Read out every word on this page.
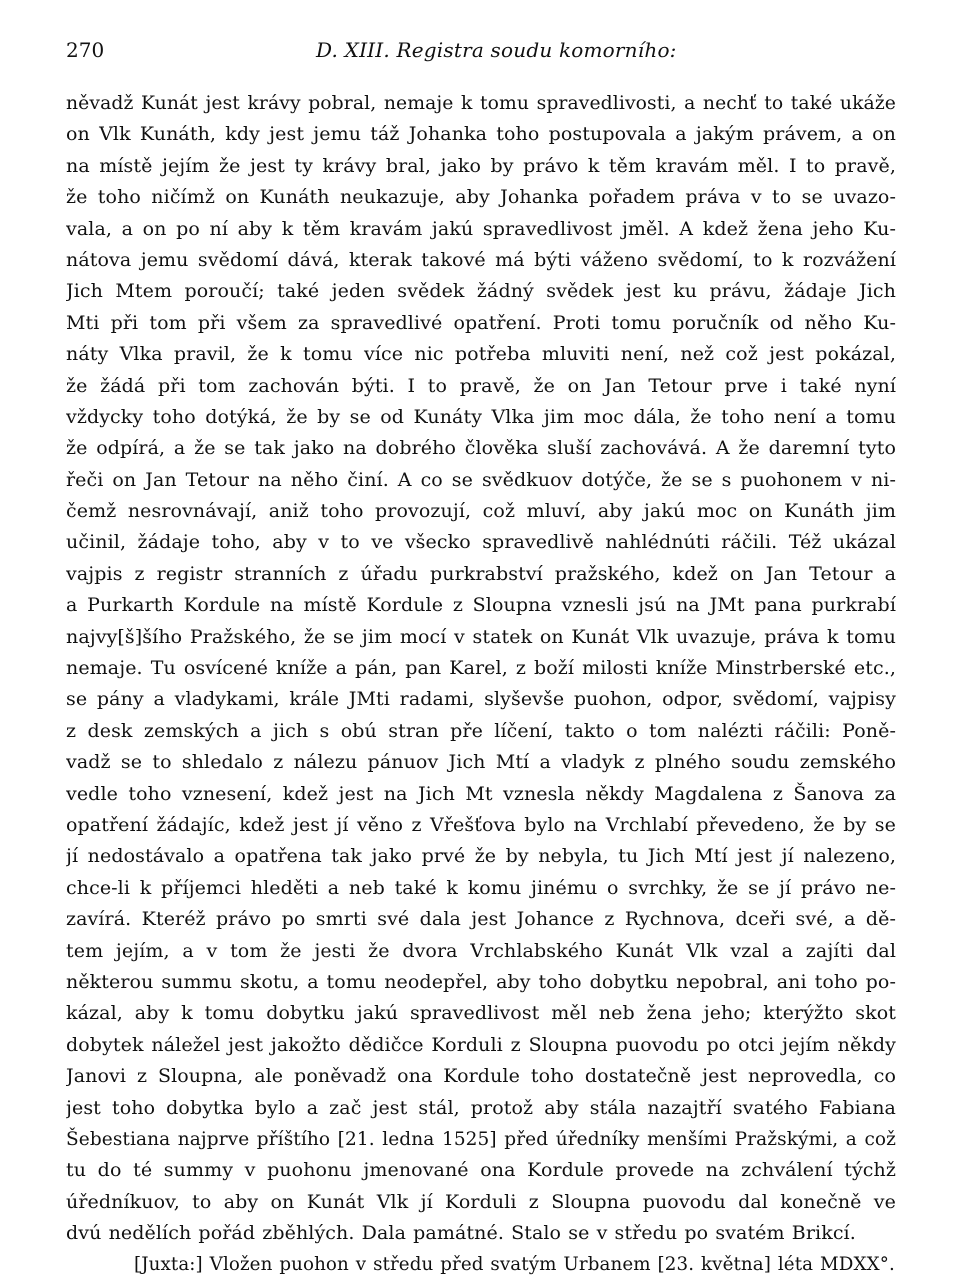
270	D. XIII. Registra soudu komorního:
něvadž Kunát jest krávy pobral, nemaje k tomu spravedlivosti, a nechť to také ukáže
on Vlk Kunáth, kdy jest jemu táž Johanka toho postupovala a jakým právem, a on
na místě jejím že jest ty krávy bral, jako by právo k těm kravám měl. I to pravě,
že toho ničímž on Kunáth neukazuje, aby Johanka pořadem práva v to se uvazo-
vala, a on po ní aby k těm kravám jakú spravedlivost jměl. A kdež žena jeho Ku-
nátova jemu svědomí dává, kterak takové má býti váženo svědomí, to k rozvážení
Jich Mtem poroučí; také jeden svědek žádný svědek jest ku právu, žádaje Jich
Mti při tom při všem za spravedlivé opatření. Proti tomu poručník od něho Ku-
náty Vlka pravil, že k tomu více nic potřeba mluviti není, než což jest pokázal,
že žádá při tom zachován býti. I to pravě, že on Jan Tetour prve i také nyní
vždycky toho dotýká, že by se od Kunáty Vlka jim moc dála, že toho není a tomu
že odpírá, a že se tak jako na dobrého člověka sluší zachovává. A že daremní tyto
řeči on Jan Tetour na něho činí. A co se svědkuov dotýče, že se s puohonem v ni-
čemž nesrovnávají, aniž toho provozují, což mluví, aby jakú moc on Kunáth jim
učinil, žádaje toho, aby v to ve všecko spravedlivě nahlédnúti ráčili. Též ukázal
vajpis z registr stranních z úřadu purkrabství pražského, kdež on Jan Tetour a
a Purkarth Kordule na místě Kordule z Sloupna vznesli jsú na JMt pana purkrabí
najvy[š]šího Pražského, že se jim mocí v statek on Kunát Vlk uvazuje, práva k tomu
nemaje. Tu osvícené kníže a pán, pan Karel, z boží milosti kníže Minstrberské etc.,
se pány a vladykami, krále JMti radami, slyševše puohon, odpor, svědomí, vajpisy
z desk zemských a jich s obú stran pře líčení, takto o tom nalézti ráčili: Poně-
vadž se to shledalo z nálezu pánuov Jich Mtí a vladyk z plného soudu zemského
vedle toho vznesení, kdež jest na Jich Mt vznesla někdy Magdalena z Šanova za
opatření žádajíc, kdež jest jí věno z Vřešťova bylo na Vrchlabí převedeno, že by se
jí nedostávalo a opatřena tak jako prvé že by nebyla, tu Jich Mtí jest jí nalezeno,
chce-li k příjemci hleděti a neb také k komu jinému o svrchky, že se jí právo ne-
zavírá. Kteréž právo po smrti své dala jest Johance z Rychnova, dceři své, a dě-
tem jejím, a v tom že jesti že dvora Vrchlabského Kunát Vlk vzal a zajíti dal
některou summu skotu, a tomu neodepřel, aby toho dobytku nepobral, ani toho po-
kázal, aby k tomu dobytku jakú spravedlivost měl neb žena jeho; kterýžto skot
dobytek náležel jest jakožto dědičce Korduli z Sloupna puovodu po otci jejím někdy
Janovi z Sloupna, ale poněvadž ona Kordule toho dostatečně jest neprovedla, co
jest toho dobytka bylo a zač jest stál, protož aby stála nazajtří svatého Fabiana
Šebestiana najprve příštího [21. ledna 1525] před úředníky menšími Pražskými, a což
tu do té summy v puohonu jmenované ona Kordule provede na zchválení týchž
úředníkuov, to aby on Kunát Vlk jí Korduli z Sloupna puovodu dal konečně ve
dvú nedělích pořád zběhlých. Dala památné. Stalo se v středu po svatém Brikcí.
[Juxta:] Vložen puohon v středu před svatým Urbanem [23. května] léta MDXX°.
